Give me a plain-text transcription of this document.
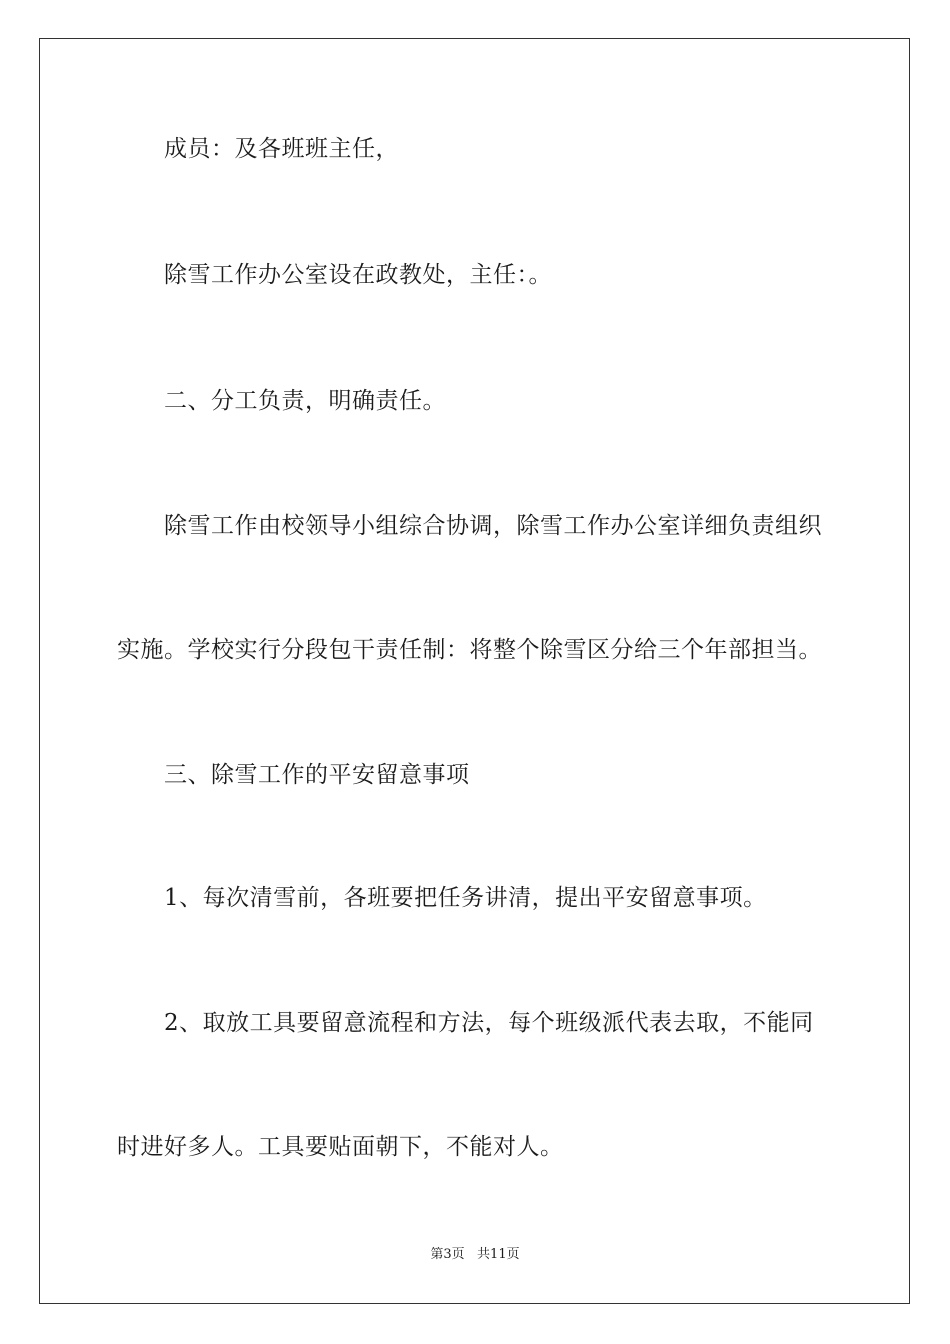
成员：及各班班主任，
除雪工作办公室设在政教处，主任：。
二、分工负责，明确责任。
除雪工作由校领导小组综合协调，除雪工作办公室详细负责组织
实施。学校实行分段包干责任制：将整个除雪区分给三个年部担当。
三、除雪工作的平安留意事项
1、每次清雪前，各班要把任务讲清，提出平安留意事项。
2、取放工具要留意流程和方法，每个班级派代表去取，不能同
时进好多人。工具要贴面朝下，不能对人。
第3页   共11页
